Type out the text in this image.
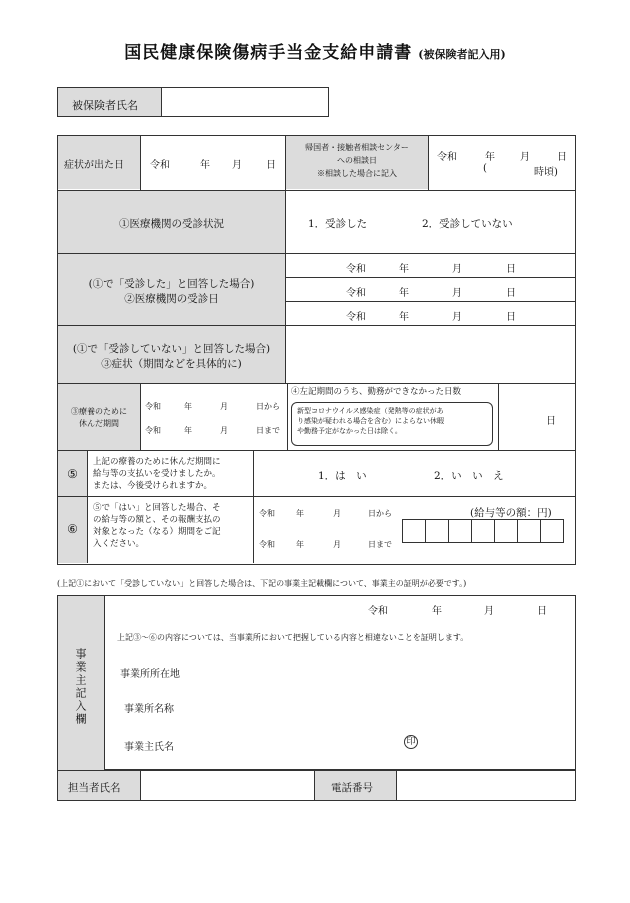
国民健康保険傷病手当金支給申請書 (被保険者記入用)
被保険者氏名
症状が出た日	令和	年 月 日
帰国者・接触者相談センター
への相談日
※相談した場合に記入
令和	年	月	日
(	時頃)
①医療機関の受診状況	1．受診した	2．受診していない
(①で「受診した」と回答した場合)
②医療機関の受診日
令和	年	月	日
令和	年	月	日
令和	年	月	日
(①で「受診していない」と回答した場合)
③症状（期間などを具体的に)
③療養のために
休んだ期間
令和	年	月	日から
令和	年	月	日まで
④左記期間のうち、勤務ができなかった日数
新型コロナウイルス感染症（発熱等の症状があ
り感染が疑われる場合を含む）によらない休暇
や勤務予定がなかった日は除く。
日
⑤
上記の療養のために休んだ期間に
給与等の支払いを受けましたか。
または、今後受けられますか。
1．は　い	2．い　い　え
⑥
⑤で「はい」と回答した場合、そ
の給与等の額と、その報酬支払の
対象となった（なる）期間をご記
入ください。
令和	年	月	日から
令和	年	月	日まで
(給与等の額：円)
(上記①において「受診していない」と回答した場合は、下記の事業主記載欄について、事業主の証明が必要です。)
事業主記入欄
令和	年	月	日
上記③～⑥の内容については、当事業所において把握している内容と相違ないことを証明します。
事業所所在地
事業所名称
事業主氏名	印
担当者氏名	電話番号
